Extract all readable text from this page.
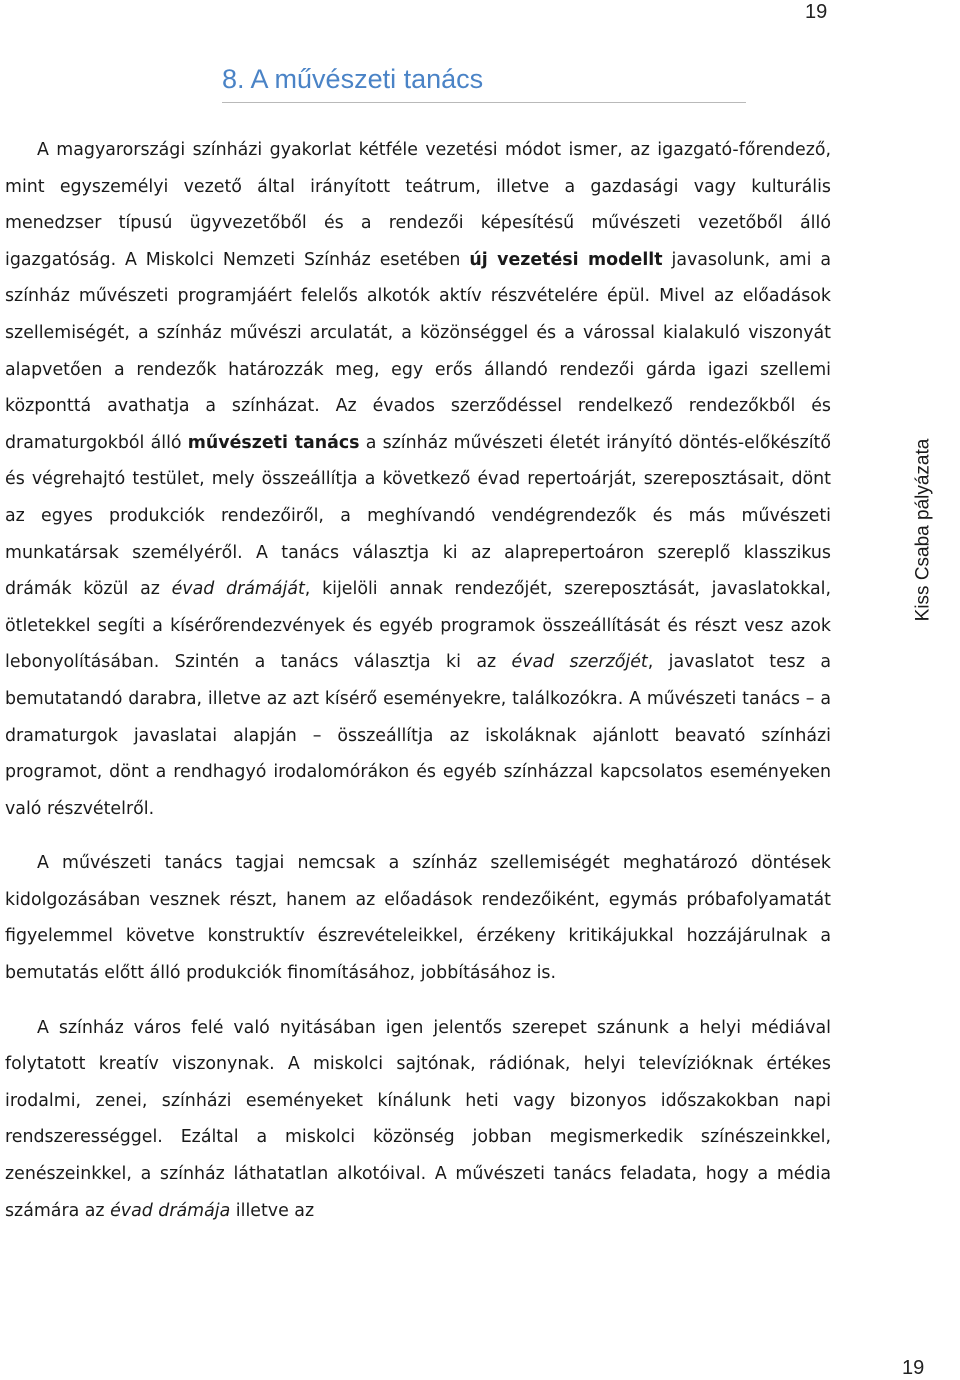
19
8. A művészeti tanács

A magyarországi színházi gyakorlat kétféle vezetési módot ismer, az igazgató-főrendező, mint egyszemélyi vezető által irányított teátrum, illetve a gazdasági vagy kulturális menedzser típusú ügyvezetőből és a rendezői képesítésű művészeti vezetőből álló igazgatóság. A Miskolci Nemzeti Színház esetében új vezetési modellt javasolunk, ami a színház művészeti programjáért felelős alkotók aktív részvételére épül. Mivel az előadások szellemiségét, a színház művészi arculatát, a közönséggel és a várossal kialakuló viszonyát alapvetően a rendezők határozzák meg, egy erős állandó rendezői gárda igazi szellemi központtá avathatja a színházat. Az évados szerződéssel rendelkező rendezőkből és dramaturgokból álló művészeti tanács a színház művészeti életét irányító döntés-előkészítő és végrehajtó testület, mely összeállítja a következő évad repertoárját, szereposztásait, dönt az egyes produkciók rendezőiről, a meghívandó vendégrendezők és más művészeti munkatársak személyéről. A tanács választja ki az alaprepertoáron szereplő klasszikus drámák közül az évad drámáját, kijelöli annak rendezőjét, szereposztását, javaslatokkal, ötletekkel segíti a kísérőrendezvények és egyéb programok összeállítását és részt vesz azok lebonyolításában. Szintén a tanács választja ki az évad szerzőjét, javaslatot tesz a bemutatandó darabra, illetve az azt kísérő eseményekre, találkozókra. A művészeti tanács – a dramaturgok javaslatai alapján – összeállítja az iskoláknak ajánlott beavató színházi programot, dönt a rendhagyó irodalomórákon és egyéb színházzal kapcsolatos eseményeken való részvételről.

A művészeti tanács tagjai nemcsak a színház szellemiségét meghatározó döntések kidolgozásában vesznek részt, hanem az előadások rendezőiként, egymás próbafolyamatát figyelemmel követve konstruktív észrevételeikkel, érzékeny kritikájukkal hozzájárulnak a bemutatás előtt álló produkciók finomításához, jobbításához is.

A színház város felé való nyitásában igen jelentős szerepet szánunk a helyi médiával folytatott kreatív viszonynak. A miskolci sajtónak, rádiónak, helyi televízióknak értékes irodalmi, zenei, színházi eseményeket kínálunk heti vagy bizonyos időszakokban napi rendszerességgel. Ezáltal a miskolci közönség jobban megismerkedik színészeinkkel, zenészeinkkel, a színház láthatatlan alkotóival. A művészeti tanács feladata, hogy a média számára az évad drámája illetve az

Kiss Csaba pályázata
19
